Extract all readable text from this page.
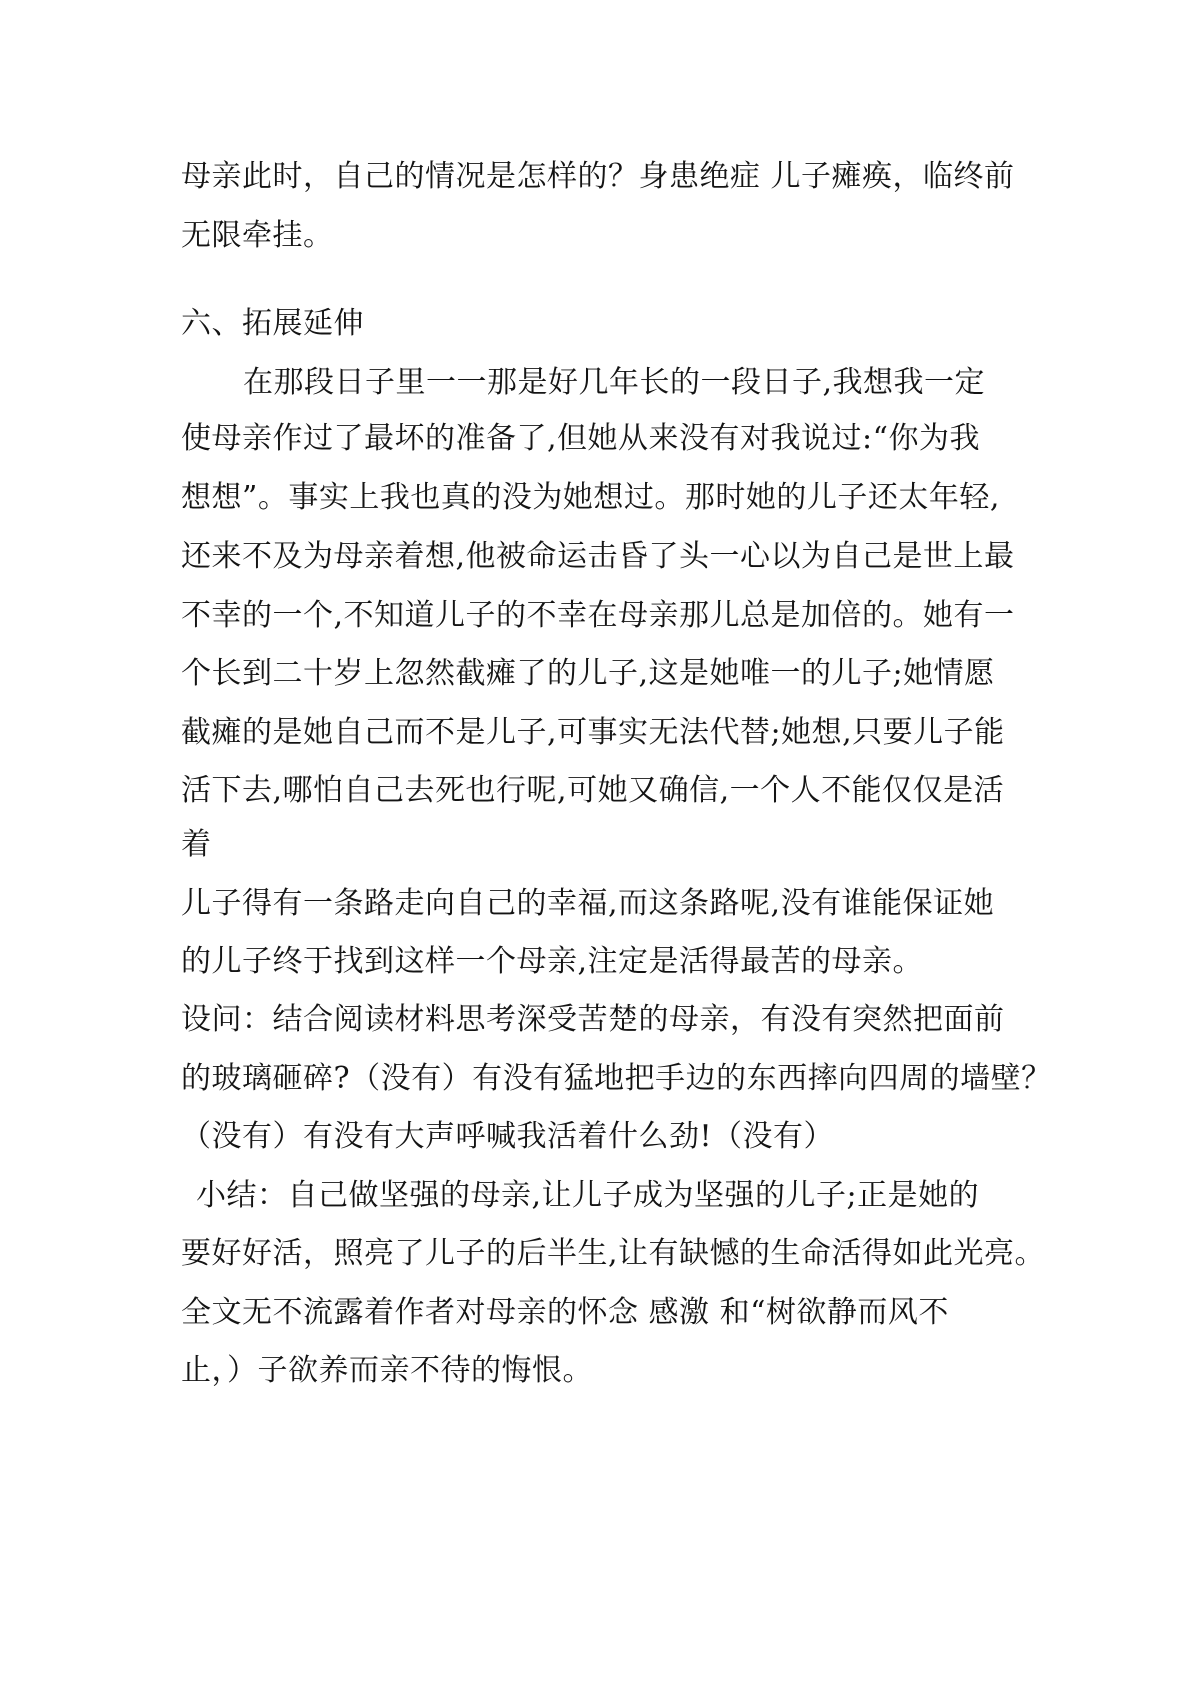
母亲此时，自己的情况是怎样的？身患绝症 儿子瘫痪，临终前
无限牵挂。
六、拓展延伸
在那段日子里一一那是好几年长的一段日子,我想我一定
使母亲作过了最坏的准备了,但她从来没有对我说过:“你为我
想想”。事实上我也真的没为她想过。那时她的儿子还太年轻,
还来不及为母亲着想,他被命运击昏了头一心以为自己是世上最
不幸的一个,不知道儿子的不幸在母亲那儿总是加倍的。她有一
个长到二十岁上忽然截瘫了的儿子,这是她唯一的儿子;她情愿
截瘫的是她自己而不是儿子,可事实无法代替;她想,只要儿子能
活下去,哪怕自己去死也行呢,可她又确信,一个人不能仅仅是活
着
儿子得有一条路走向自己的幸福,而这条路呢,没有谁能保证她
的儿子终于找到这样一个母亲,注定是活得最苦的母亲。
设问：结合阅读材料思考深受苦楚的母亲，有没有突然把面前
的玻璃砸碎?（没有）有没有猛地把手边的东西摔向四周的墙壁？
（没有）有没有大声呼喊我活着什么劲!（没有）
小结：自己做坚强的母亲,让儿子成为坚强的儿子;正是她的
要好好活，照亮了儿子的后半生,让有缺憾的生命活得如此光亮。
全文无不流露着作者对母亲的怀念 感激 和“树欲静而风不
止，）子欲养而亲不待的悔恨。
